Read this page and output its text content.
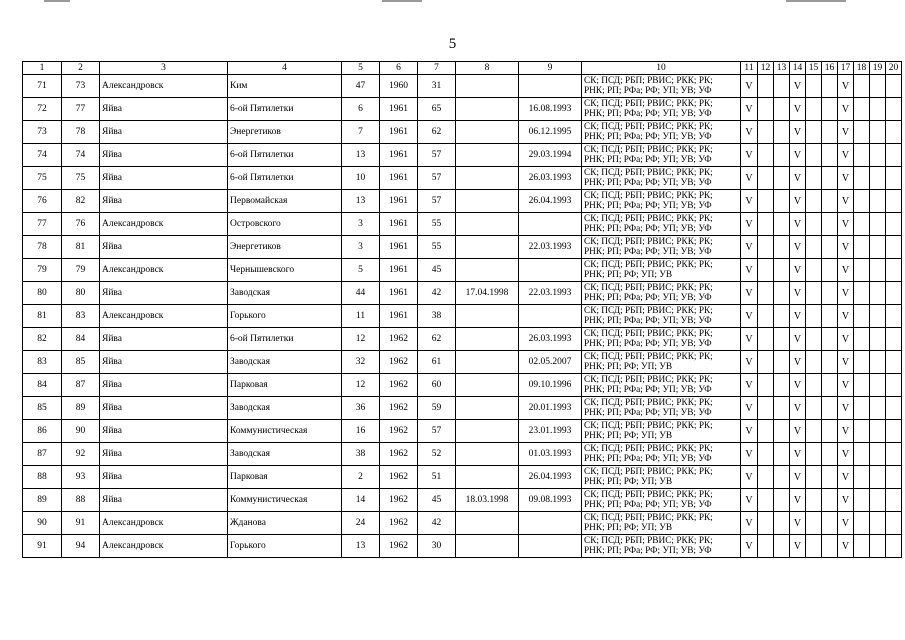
5
1	2	3	4	5	6	7	8	9	10	11	12	13	14	15	16	17	18	19	20
71	73	Александровск	Ким	47	1960	31			СК; ПСД; РБП; РВИС; РКК; РК;
РНК; РП; РФа; РФ; УП; УВ; УФ	V			V			V			
72	77	Яйва	6-ой Пятилетки	6	1961	65		16.08.1993	СК; ПСД; РБП; РВИС; РКК; РК;
РНК; РП; РФа; РФ; УП; УВ; УФ	V			V			V			
73	78	Яйва	Энергетиков	7	1961	62		06.12.1995	СК; ПСД; РБП; РВИС; РКК; РК;
РНК; РП; РФа; РФ; УП; УВ; УФ	V			V			V			
74	74	Яйва	6-ой Пятилетки	13	1961	57		29.03.1994	СК; ПСД; РБП; РВИС; РКК; РК;
РНК; РП; РФа; РФ; УП; УВ; УФ	V			V			V			
75	75	Яйва	6-ой Пятилетки	10	1961	57		26.03.1993	СК; ПСД; РБП; РВИС; РКК; РК;
РНК; РП; РФа; РФ; УП; УВ; УФ	V			V			V			
76	82	Яйва	Первомайская	13	1961	57		26.04.1993	СК; ПСД; РБП; РВИС; РКК; РК;
РНК; РП; РФа; РФ; УП; УВ; УФ	V			V			V			
77	76	Александровск	Островского	3	1961	55			СК; ПСД; РБП; РВИС; РКК; РК;
РНК; РП; РФа; РФ; УП; УВ; УФ	V			V			V			
78	81	Яйва	Энергетиков	3	1961	55		22.03.1993	СК; ПСД; РБП; РВИС; РКК; РК;
РНК; РП; РФа; РФ; УП; УВ; УФ	V			V			V			
79	79	Александровск	Чернышевского	5	1961	45			СК; ПСД; РБП; РВИС; РКК; РК;
РНК; РП; РФ; УП; УВ	V			V			V			
80	80	Яйва	Заводская	44	1961	42	17.04.1998	22.03.1993	СК; ПСД; РБП; РВИС; РКК; РК;
РНК; РП; РФа; РФ; УП; УВ; УФ	V			V			V			
81	83	Александровск	Горького	11	1961	38			СК; ПСД; РБП; РВИС; РКК; РК;
РНК; РП; РФа; РФ; УП; УВ; УФ	V			V			V			
82	84	Яйва	6-ой Пятилетки	12	1962	62		26.03.1993	СК; ПСД; РБП; РВИС; РКК; РК;
РНК; РП; РФа; РФ; УП; УВ; УФ	V			V			V			
83	85	Яйва	Заводская	32	1962	61		02.05.2007	СК; ПСД; РБП; РВИС; РКК; РК;
РНК; РП; РФ; УП; УВ	V			V			V			
84	87	Яйва	Парковая	12	1962	60		09.10.1996	СК; ПСД; РБП; РВИС; РКК; РК;
РНК; РП; РФа; РФ; УП; УВ; УФ	V			V			V			
85	89	Яйва	Заводская	36	1962	59		20.01.1993	СК; ПСД; РБП; РВИС; РКК; РК;
РНК; РП; РФа; РФ; УП; УВ; УФ	V			V			V			
86	90	Яйва	Коммунистическая	16	1962	57		23.01.1993	СК; ПСД; РБП; РВИС; РКК; РК;
РНК; РП; РФ; УП; УВ	V			V			V			
87	92	Яйва	Заводская	38	1962	52		01.03.1993	СК; ПСД; РБП; РВИС; РКК; РК;
РНК; РП; РФа; РФ; УП; УВ; УФ	V			V			V			
88	93	Яйва	Парковая	2	1962	51		26.04.1993	СК; ПСД; РБП; РВИС; РКК; РК;
РНК; РП; РФ; УП; УВ	V			V			V			
89	88	Яйва	Коммунистическая	14	1962	45	18.03.1998	09.08.1993	СК; ПСД; РБП; РВИС; РКК; РК;
РНК; РП; РФа; РФ; УП; УВ; УФ	V			V			V			
90	91	Александровск	Жданова	24	1962	42			СК; ПСД; РБП; РВИС; РКК; РК;
РНК; РП; РФ; УП; УВ	V			V			V			
91	94	Александровск	Горького	13	1962	30			СК; ПСД; РБП; РВИС; РКК; РК;
РНК; РП; РФа; РФ; УП; УВ; УФ	V			V			V			
